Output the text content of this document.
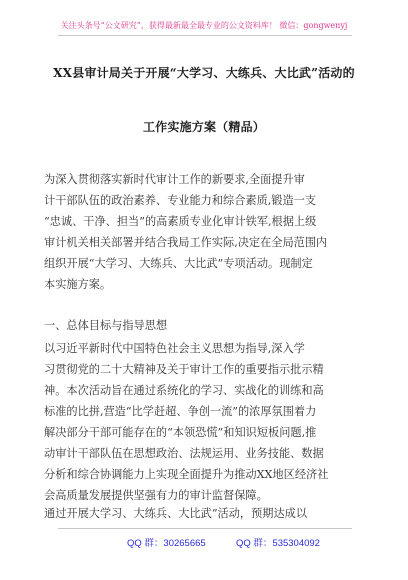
关注头条号“公文研究”，获得最新最全最专业的公文资料库！ 微信：gongwenyj
XX县审计局关于开展“大学习、大练兵、大比武”活动的
工作实施方案（精品）
为深入贯彻落实新时代审计工作的新要求,全面提升审
计干部队伍的政治素养、专业能力和综合素质,锻造一支
“忠诚、干净、担当”的高素质专业化审计铁军,根据上级
审计机关相关部署并结合我局工作实际,决定在全局范围内
组织开展“大学习、大练兵、大比武”专项活动。现制定
本实施方案。
一、总体目标与指导思想
以习近平新时代中国特色社会主义思想为指导,深入学
习贯彻党的二十大精神及关于审计工作的重要指示批示精
神。本次活动旨在通过系统化的学习、实战化的训练和高
标准的比拼,营造“比学赶超、争创一流”的浓厚氛围着力
解决部分干部可能存在的“本领恐慌”和知识短板问题,推
动审计干部队伍在思想政治、法规运用、业务技能、数据
分析和综合协调能力上实现全面提升为推动XX地区经济社
会高质量发展提供坚强有力的审计监督保障。
通过开展大学习、大练兵、大比武”活动，预期达成以
QQ 群：30265665	QQ 群：535304092
